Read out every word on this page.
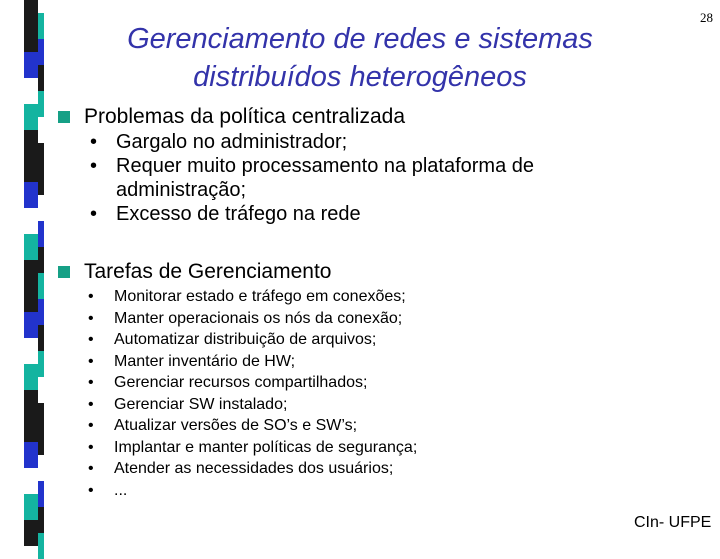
Gerenciamento de redes e sistemas
distribuídos heterogêneos
28
Problemas da política centralizada
• Gargalo no administrador;
• Requer muito processamento na plataforma de administração;
• Excesso de tráfego na rede
Tarefas de Gerenciamento
• Monitorar estado e tráfego em conexões;
• Manter operacionais os nós da conexão;
• Automatizar distribuição de arquivos;
• Manter inventário de HW;
• Gerenciar recursos compartilhados;
• Gerenciar SW instalado;
• Atualizar versões de SO’s e SW’s;
• Implantar e manter políticas de segurança;
• Atender as necessidades dos usuários;
• ...
CIn- UFPE
